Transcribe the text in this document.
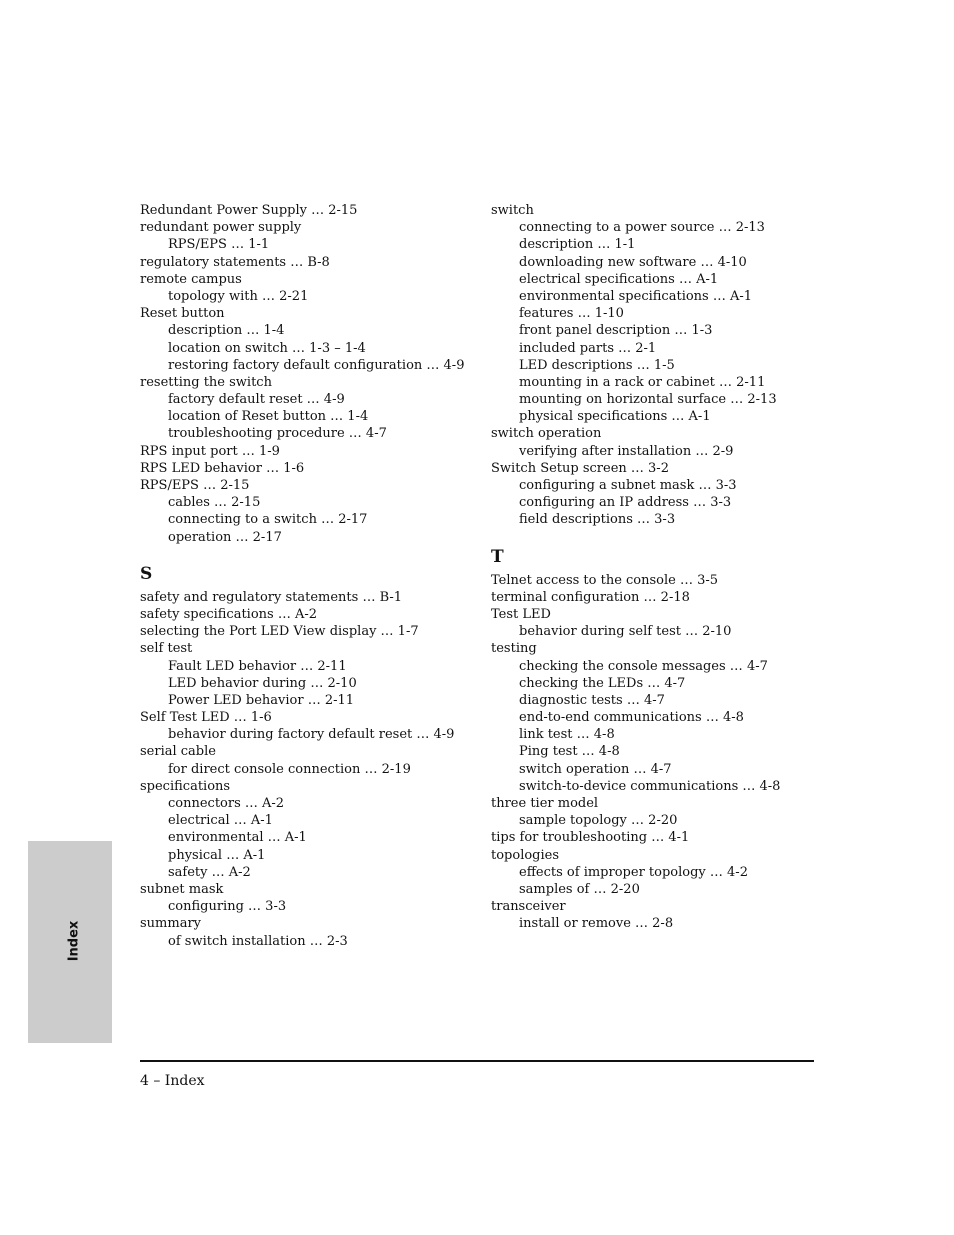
Redundant Power Supply … 2-15
redundant power supply
RPS/EPS … 1-1
regulatory statements … B-8
remote campus
topology with … 2-21
Reset button
description … 1-4
location on switch … 1-3 – 1-4
restoring factory default configuration … 4-9
resetting the switch
factory default reset … 4-9
location of Reset button … 1-4
troubleshooting procedure … 4-7
RPS input port … 1-9
RPS LED behavior … 1-6
RPS/EPS … 2-15
cables … 2-15
connecting to a switch … 2-17
operation … 2-17
S
safety and regulatory statements … B-1
safety specifications … A-2
selecting the Port LED View display … 1-7
self test
Fault LED behavior … 2-11
LED behavior during … 2-10
Power LED behavior … 2-11
Self Test LED … 1-6
behavior during factory default reset … 4-9
serial cable
for direct console connection … 2-19
specifications
connectors … A-2
electrical … A-1
environmental … A-1
physical … A-1
safety … A-2
subnet mask
configuring … 3-3
summary
of switch installation … 2-3
switch
connecting to a power source … 2-13
description … 1-1
downloading new software … 4-10
electrical specifications … A-1
environmental specifications … A-1
features … 1-10
front panel description … 1-3
included parts … 2-1
LED descriptions … 1-5
mounting in a rack or cabinet … 2-11
mounting on horizontal surface … 2-13
physical specifications … A-1
switch operation
verifying after installation … 2-9
Switch Setup screen … 3-2
configuring a subnet mask … 3-3
configuring an IP address … 3-3
field descriptions … 3-3
T
Telnet access to the console … 3-5
terminal configuration … 2-18
Test LED
behavior during self test … 2-10
testing
checking the console messages … 4-7
checking the LEDs … 4-7
diagnostic tests … 4-7
end-to-end communications … 4-8
link test … 4-8
Ping test … 4-8
switch operation … 4-7
switch-to-device communications … 4-8
three tier model
sample topology … 2-20
tips for troubleshooting … 4-1
topologies
effects of improper topology … 4-2
samples of … 2-20
transceiver
install or remove … 2-8
Index
4 – Index
